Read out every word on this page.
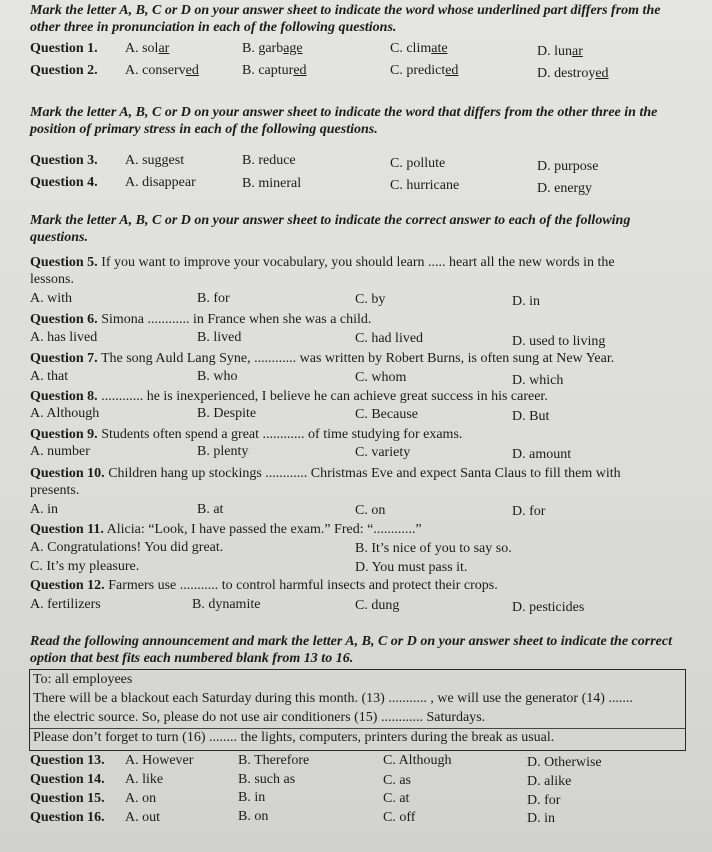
Mark the letter A, B, C or D on your answer sheet to indicate the word whose underlined part differs from the other three in pronunciation in each of the following questions.
Question 1.	A. solar	B. garbage	C. climate	D. lunar
Question 2.	A. conserved	B. captured	C. predicted	D. destroyed
Mark the letter A, B, C or D on your answer sheet to indicate the word that differs from the other three in the position of primary stress in each of the following questions.
Question 3.	A. suggest	B. reduce	C. pollute	D. purpose
Question 4.	A. disappear	B. mineral	C. hurricane	D. energy
Mark the letter A, B, C or D on your answer sheet to indicate the correct answer to each of the following questions.
Question 5. If you want to improve your vocabulary, you should learn ..... heart all the new words in the
lessons.
A. with	B. for	C. by	D. in
Question 6. Simona ............ in France when she was a child.
A. has lived	B. lived	C. had lived	D. used to living
Question 7. The song Auld Lang Syne, ............ was written by Robert Burns, is often sung at New Year.
A. that	B. who	C. whom	D. which
Question 8. ............ he is inexperienced, I believe he can achieve great success in his career.
A. Although	B. Despite	C. Because	D. But
Question 9. Students often spend a great ............ of time studying for exams.
A. number	B. plenty	C. variety	D. amount
Question 10. Children hang up stockings ............ Christmas Eve and expect Santa Claus to fill them with
presents.
A. in	B. at	C. on	D. for
Question 11. Alicia: “Look, I have passed the exam.” Fred: “............”
A. Congratulations! You did great.	B. It’s nice of you to say so.
C. It’s my pleasure.	D. You must pass it.
Question 12. Farmers use ........... to control harmful insects and protect their crops.
A. fertilizers	B. dynamite	C. dung	D. pesticides
Read the following announcement and mark the letter A, B, C or D on your answer sheet to indicate the correct option that best fits each numbered blank from 13 to 16.
To: all employees
There will be a blackout each Saturday during this month. (13) ........... , we will use the generator (14) .......
the electric source. So, please do not use air conditioners (15) ............ Saturdays.
Please don’t forget to turn (16) ........ the lights, computers, printers during the break as usual.
Question 13.	A. However	B. Therefore	C. Although	D. Otherwise
Question 14.	A. like	B. such as	C. as	D. alike
Question 15.	A. on	B. in	C. at	D. for
Question 16.	A. out	B. on	C. off	D. in
